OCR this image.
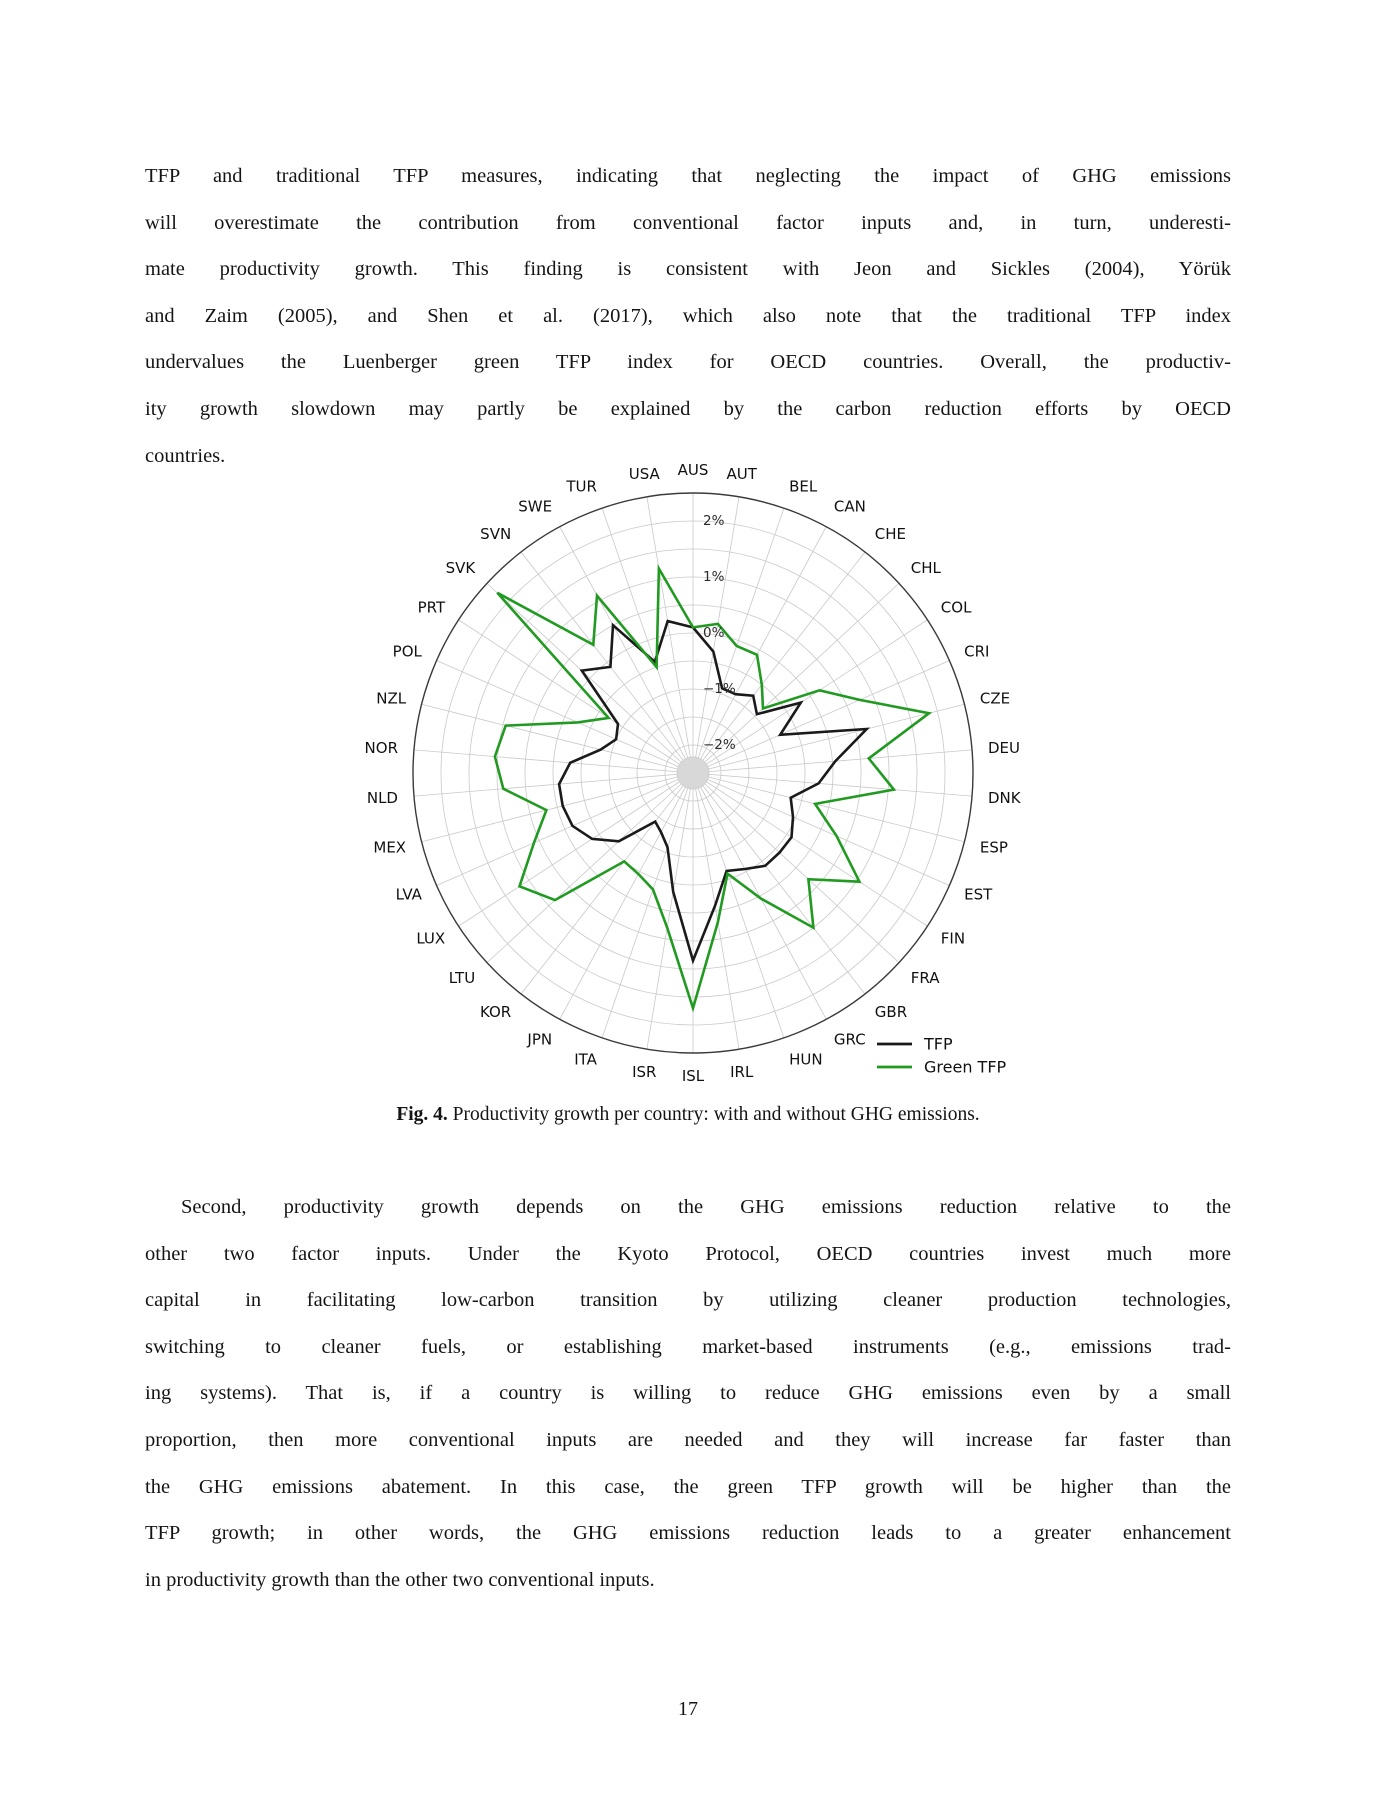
TFP and traditional TFP measures, indicating that neglecting the impact of GHG emissions
will overestimate the contribution from conventional factor inputs and, in turn, underesti-
mate productivity growth. This finding is consistent with Jeon and Sickles (2004), Yörük
and Zaim (2005), and Shen et al. (2017), which also note that the traditional TFP index
undervalues the Luenberger green TFP index for OECD countries. Overall, the productiv-
ity growth slowdown may partly be explained by the carbon reduction efforts by OECD
countries.
2%
1%
0%
−1%
−2%
AUS AUT
BEL
CAN
CHE
CHL
COL
CRI
CZE
DEU
DNK
ESP
EST
FIN
FRA
GBR
GRC
HUN
IRL
ISL
ISR
ITA
JPN
KOR
LTU
LUX
LVA
MEX
NLD
NOR
NZL
POL
PRT
SVK
SVN
SWE
TUR
USA
TFP
Green TFP
Fig. 4. Productivity growth per country: with and without GHG emissions.
Second, productivity growth depends on the GHG emissions reduction relative to the
other two factor inputs. Under the Kyoto Protocol, OECD countries invest much more
capital in facilitating low-carbon transition by utilizing cleaner production technologies,
switching to cleaner fuels, or establishing market-based instruments (e.g., emissions trad-
ing systems). That is, if a country is willing to reduce GHG emissions even by a small
proportion, then more conventional inputs are needed and they will increase far faster than
the GHG emissions abatement. In this case, the green TFP growth will be higher than the
TFP growth; in other words, the GHG emissions reduction leads to a greater enhancement
in productivity growth than the other two conventional inputs.
17
